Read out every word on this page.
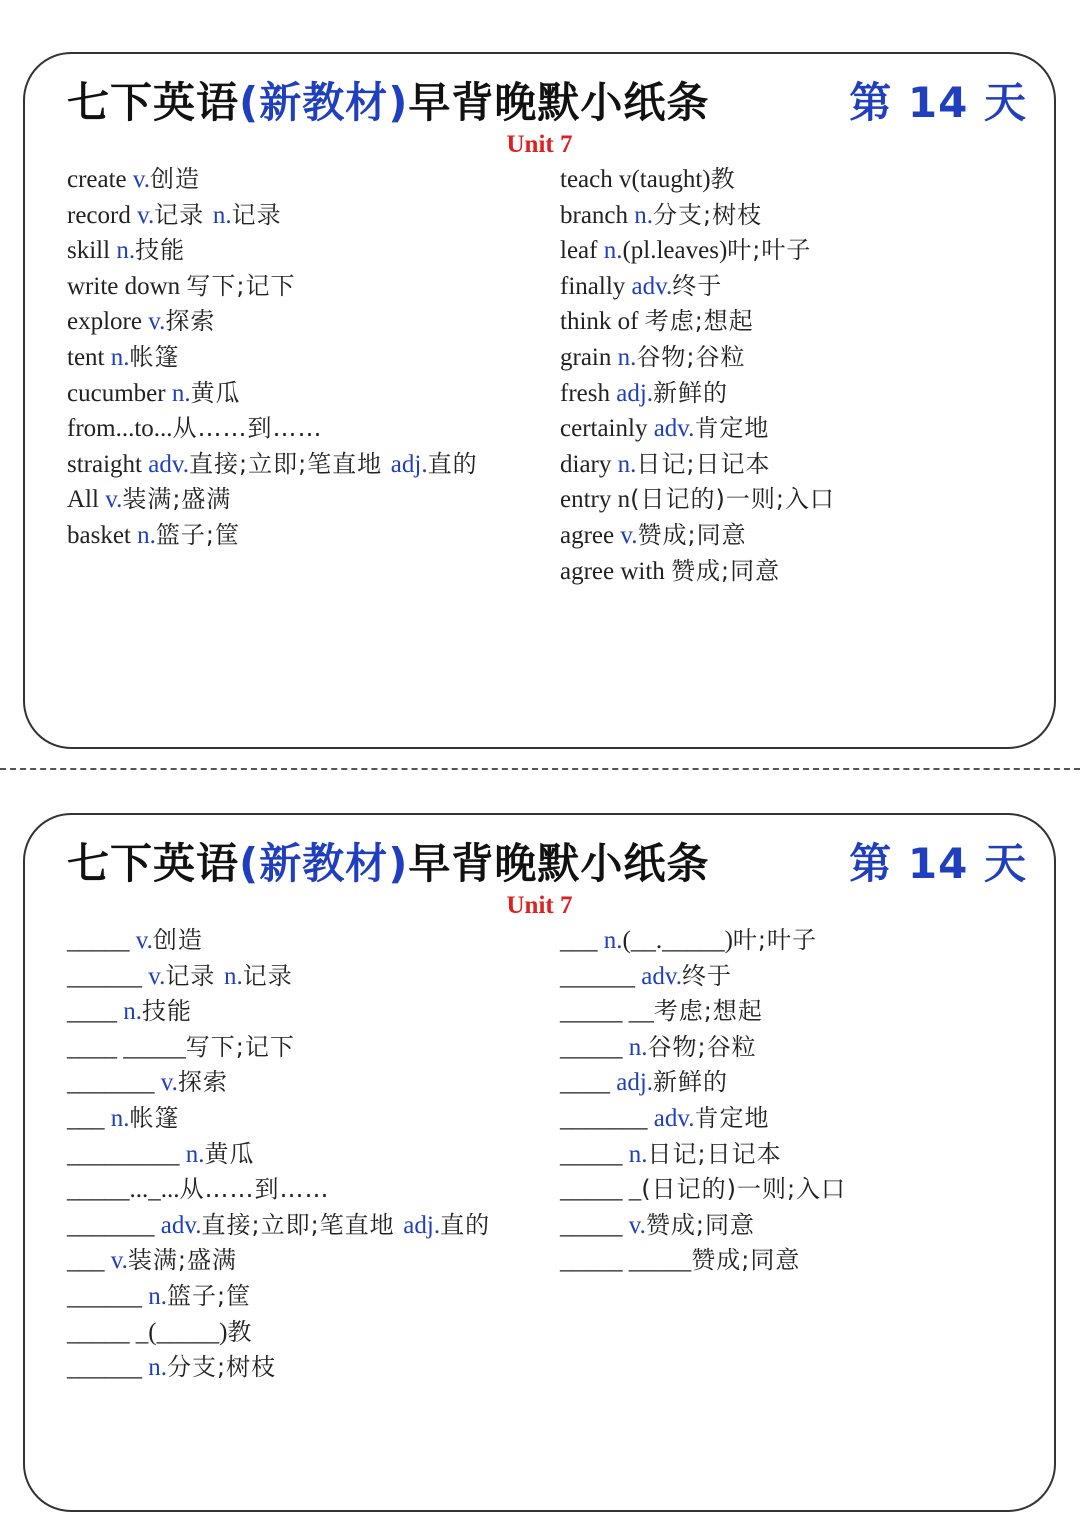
七下英语(新教材)早背晚默小纸条	第 14 天
Unit 7
create v.创造
record v.记录 n.记录
skill n.技能
write down 写下;记下
explore v.探索
tent n.帐篷
cucumber n.黄瓜
from...to...从……到……
straight adv.直接;立即;笔直地 adj.直的
All v.装满;盛满
basket n.篮子;筐
teach v(taught)教
branch n.分支;树枝
leaf n.(pl.leaves)叶;叶子
finally adv.终于
think of 考虑;想起
grain n.谷物;谷粒
fresh adj.新鲜的
certainly adv.肯定地
diary n.日记;日记本
entry n(日记的)一则;入口
agree v.赞成;同意
agree with 赞成;同意
七下英语(新教材)早背晚默小纸条	第 14 天
Unit 7
_____ v.创造
______ v.记录 n.记录
____ n.技能
____ _____写下;记下
_______ v.探索
___ n.帐篷
_________ n.黄瓜
_____..._...从……到……
_______ adv.直接;立即;笔直地 adj.直的
___ v.装满;盛满
______ n.篮子;筐
_____ _(_____)教
______ n.分支;树枝
___ n.(__._____)叶;叶子
______ adv.终于
_____ __考虑;想起
_____ n.谷物;谷粒
____ adj.新鲜的
_______ adv.肯定地
_____ n.日记;日记本
_____ _(日记的)一则;入口
_____ v.赞成;同意
_____ _____赞成;同意
